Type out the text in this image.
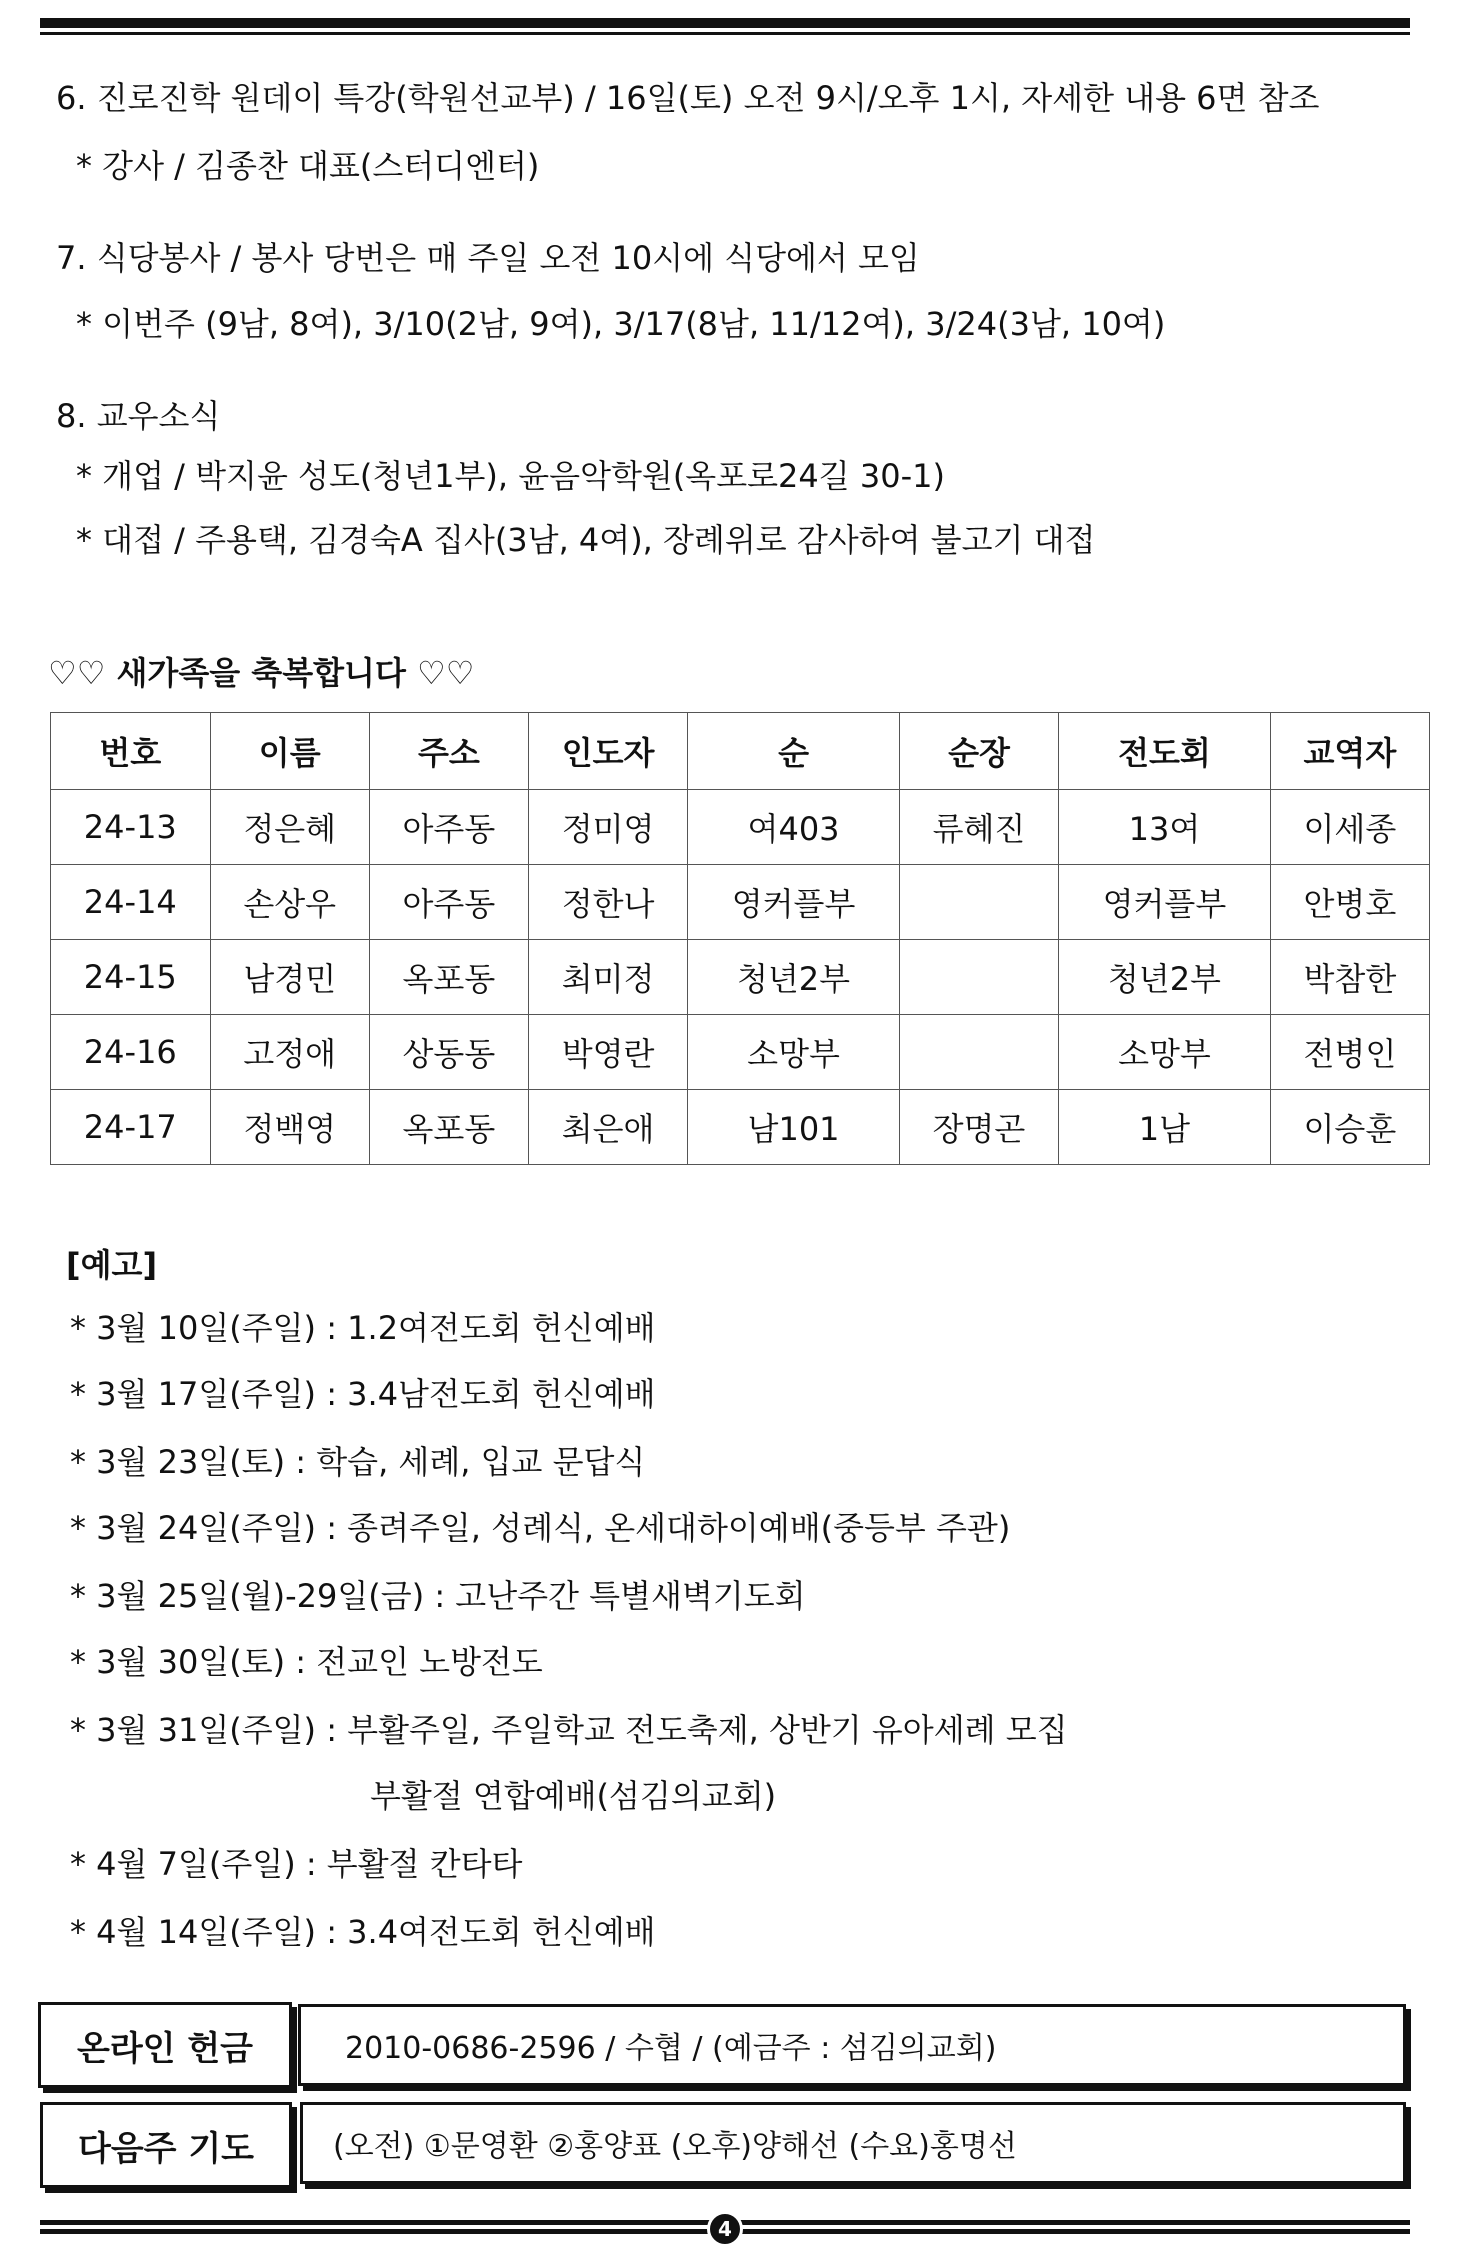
6. 진로진학 원데이 특강(학원선교부) / 16일(토) 오전 9시/오후 1시, 자세한 내용 6면 참조
* 강사 / 김종찬 대표(스터디엔터)
7. 식당봉사 / 봉사 당번은 매 주일 오전 10시에 식당에서 모임
* 이번주 (9남, 8여), 3/10(2남, 9여), 3/17(8남, 11/12여), 3/24(3남, 10여)
8. 교우소식
* 개업 / 박지윤 성도(청년1부), 윤음악학원(옥포로24길 30-1)
* 대접 / 주용택, 김경숙A 집사(3남, 4여), 장례위로 감사하여 불고기 대접
♡♡ 새가족을 축복합니다 ♡♡
번호	이름	주소	인도자	순	순장	전도회	교역자
24-13	정은혜	아주동	정미영	여403	류혜진	13여	이세종
24-14	손상우	아주동	정한나	영커플부		영커플부	안병호
24-15	남경민	옥포동	최미정	청년2부		청년2부	박참한
24-16	고정애	상동동	박영란	소망부		소망부	전병인
24-17	정백영	옥포동	최은애	남101	장명곤	1남	이승훈
[예고]
* 3월 10일(주일) : 1.2여전도회 헌신예배
* 3월 17일(주일) : 3.4남전도회 헌신예배
* 3월 23일(토) : 학습, 세례, 입교 문답식
* 3월 24일(주일) : 종려주일, 성례식, 온세대하이예배(중등부 주관)
* 3월 25일(월)-29일(금) : 고난주간 특별새벽기도회
* 3월 30일(토) : 전교인 노방전도
* 3월 31일(주일) : 부활주일, 주일학교 전도축제, 상반기 유아세례 모집
부활절 연합예배(섬김의교회)
* 4월 7일(주일) : 부활절 칸타타
* 4월 14일(주일) : 3.4여전도회 헌신예배
온라인 헌금	2010-0686-2596 / 수협 / (예금주 : 섬김의교회)
다음주 기도	(오전) ①문영환 ②홍양표 (오후)양해선 (수요)홍명선
4
